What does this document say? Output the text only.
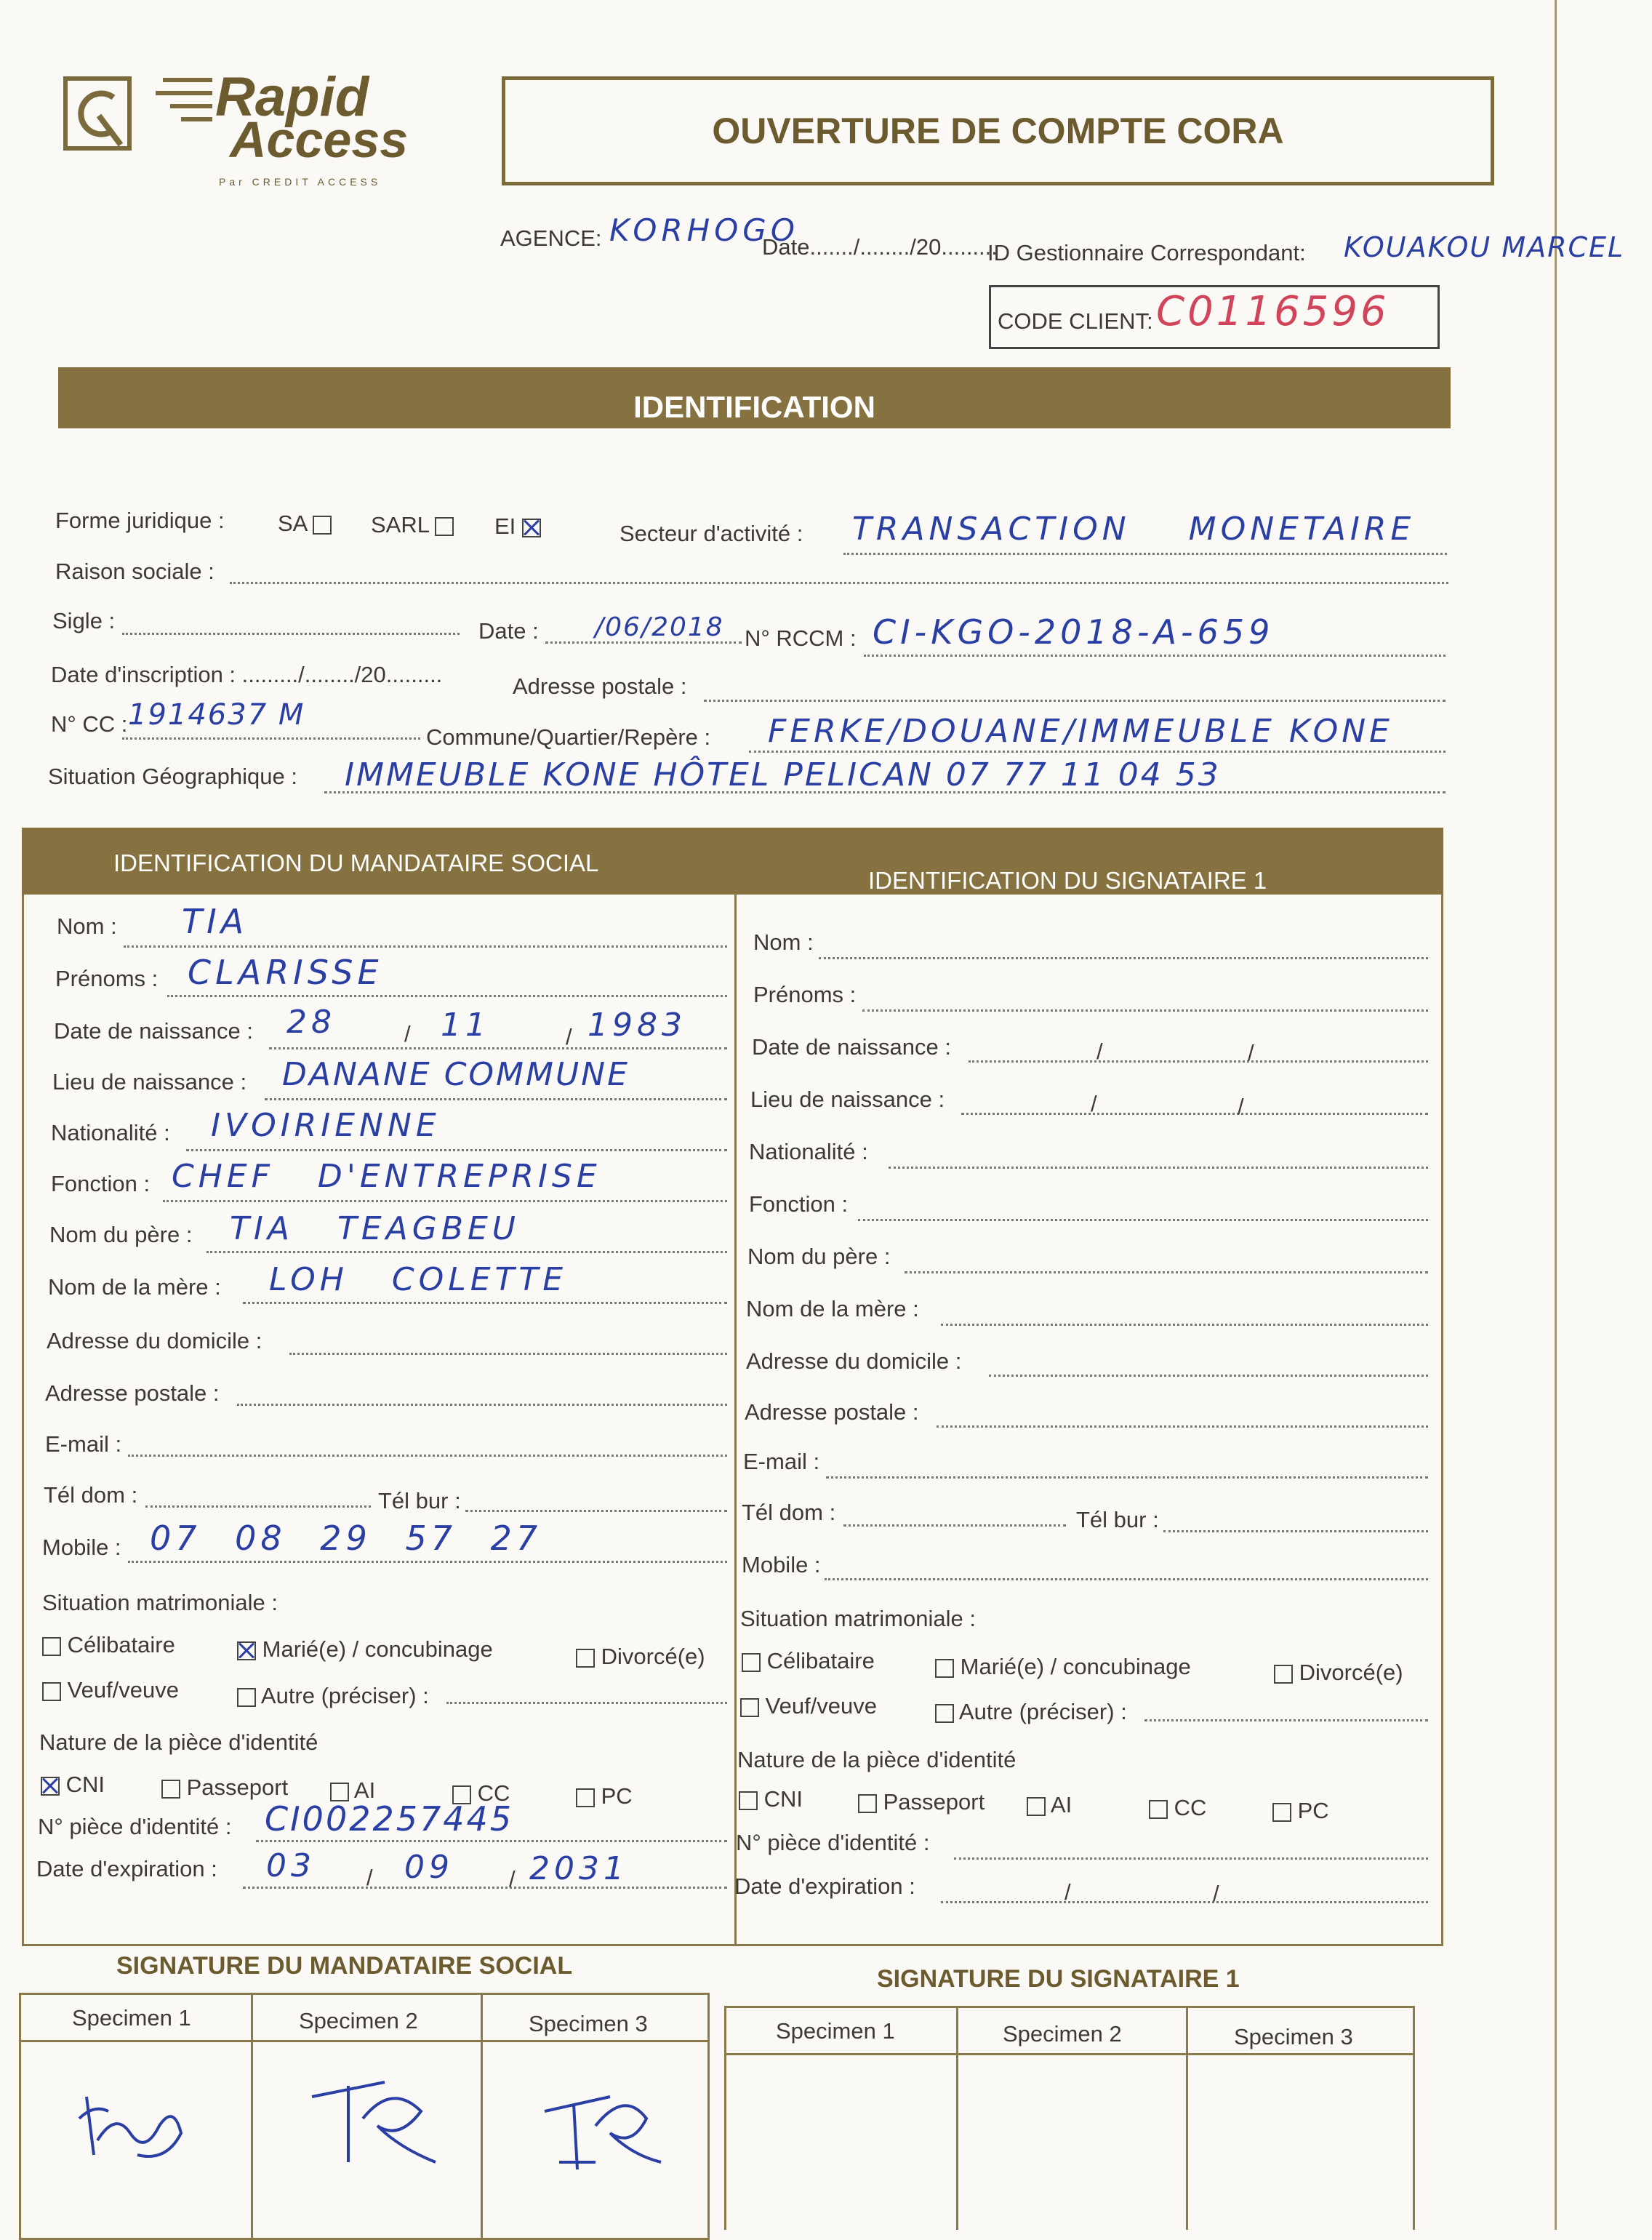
Rapid
Access
Par CREDIT ACCESS
OUVERTURE DE COMPTE CORA
AGENCE: KORHOGO
Date......./......../20.........
ID Gestionnaire Correspondant: KOUAKOU MARCEL
CODE CLIENT: C0116596
IDENTIFICATION
Forme juridique : SA	SARL	EI	Secteur d'activité : TRANSACTION MONETAIRE
Raison sociale :
Sigle :	Date : /06/2018 N° RCCM : CI-KGO-2018-A-659
Date d'inscription : ........./......../20.........	Adresse postale :
N° CC : 1914637 M
Commune/Quartier/Repère : FERKE/DOUANE/IMMEUBLE KONE
Situation Géographique : IMMEUBLE KONE HÔTEL PELICAN 07 77 11 04 53
IDENTIFICATION DU MANDATAIRE SOCIAL
IDENTIFICATION DU SIGNATAIRE 1
Nom : TIA
Prénoms : CLARISSE
Date de naissance : 28	/ 11	/ 1983
Lieu de naissance : DANANE COMMUNE
Nationalité : IVOIRIENNE
Fonction : CHEF D'ENTREPRISE
Nom du père : TIA TEAGBEU
Nom de la mère : LOH COLETTE
Adresse du domicile :
Adresse postale :
E-mail :
Tél dom :	Tél bur :
Mobile : 07 08 29 57 27
Situation matrimoniale :
Célibataire	Marié(e) / concubinage	Divorcé(e)
Veuf/veuve	Autre (préciser) :
Nature de la pièce d'identité
CNI	Passeport	AI	CC	PC
N° pièce d'identité : CI002257445
Date d'expiration : 03 / 09 / 2031
Nom :
Prénoms :
Date de naissance :	/	/
Lieu de naissance :	/	/
Nationalité :
Fonction :
Nom du père :
Nom de la mère :
Adresse du domicile :
Adresse postale :
E-mail :
Tél dom :	Tél bur :
Mobile :
Situation matrimoniale :
Célibataire	Marié(e) / concubinage	Divorcé(e)
Veuf/veuve	Autre (préciser) :
Nature de la pièce d'identité
CNI	Passeport	AI	CC	PC
N° pièce d'identité :
Date d'expiration :	/	/
SIGNATURE DU MANDATAIRE SOCIAL	SIGNATURE DU SIGNATAIRE 1
Specimen 1	Specimen 2	Specimen 3	Specimen 1	Specimen 2	Specimen 3
